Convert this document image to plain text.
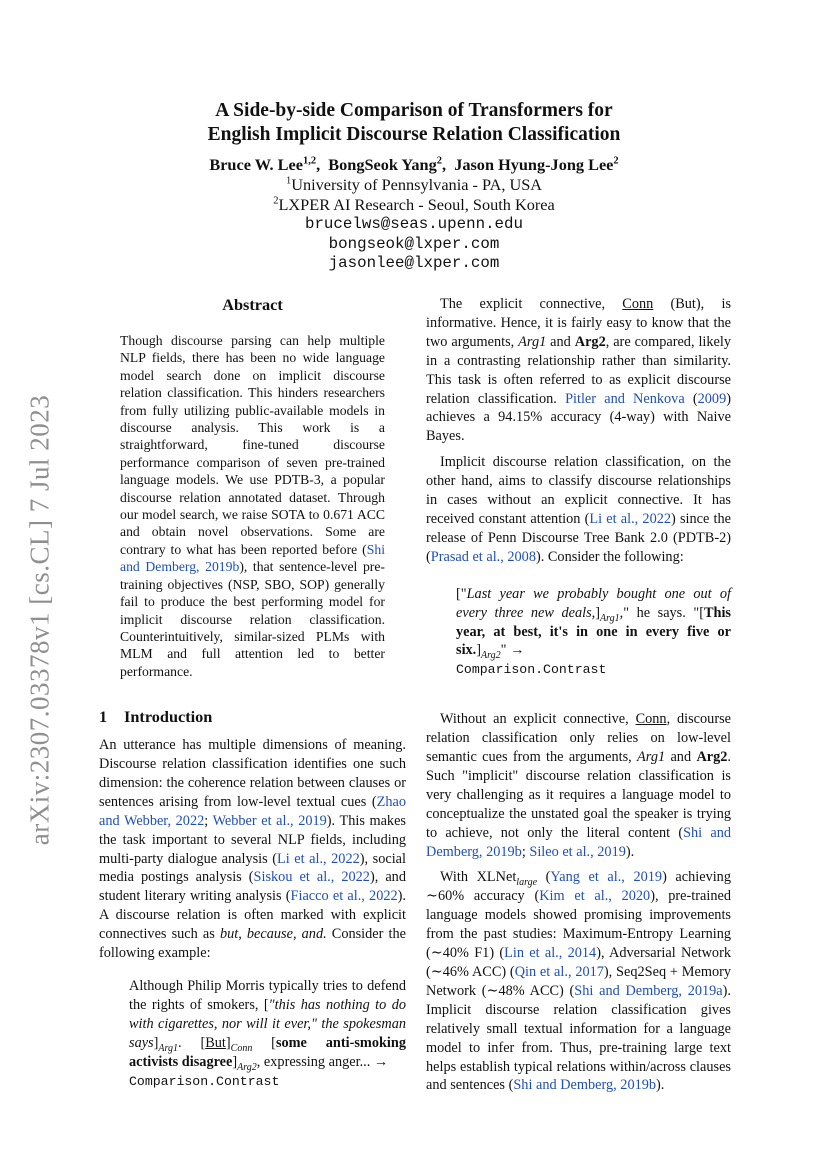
arXiv:2307.03378v1 [cs.CL] 7 Jul 2023
A Side-by-side Comparison of Transformers for
English Implicit Discourse Relation Classification
Bruce W. Lee$^{1,2}$,  BongSeok Yang$^2$,  Jason Hyung-Jong Lee$^2$
$^1$University of Pennsylvania - PA, USA
$^2$LXPER AI Research - Seoul, South Korea
brucelws@seas.upenn.edu
bongseok@lxper.com
jasonlee@lxper.com
Abstract
Though discourse parsing can help multiple NLP fields, there has been no wide language model search done on implicit discourse relation classification. This hinders researchers from fully utilizing public-available models in discourse analysis. This work is a straightforward, fine-tuned discourse performance comparison of seven pre-trained language models. We use PDTB-3, a popular discourse relation annotated dataset. Through our model search, we raise SOTA to 0.671 ACC and obtain novel observations. Some are contrary to what has been reported before (Shi and Demberg, 2019b), that sentence-level pre-training objectives (NSP, SBO, SOP) generally fail to produce the best performing model for implicit discourse relation classification. Counterintuitively, similar-sized PLMs with MLM and full attention led to better performance.
1 Introduction

An utterance has multiple dimensions of meaning. Discourse relation classification identifies one such dimension: the coherence relation between clauses or sentences arising from low-level textual cues (Zhao and Webber, 2022; Webber et al., 2019). This makes the task important to several NLP fields, including multi-party dialogue analysis (Li et al., 2022), social media postings analysis (Siskou et al., 2022), and student literary writing analysis (Fiacco et al., 2022). A discourse relation is often marked with explicit connectives such as but, because, and. Consider the following example:

Although Philip Morris typically tries to defend the rights of smokers, ["this has nothing to do with cigarettes, nor will it ever," the spokesman $says]_{Arg1}$. $[But]_{Conn}$ [some anti-smoking activists $disagree]_{Arg2}$, expressing anger... →
Comparison.Contrast

The explicit connective, Conn (But), is informative. Hence, it is fairly easy to know that the two arguments, Arg1 and Arg2, are compared, likely in a contrasting relationship rather than similarity. This task is often referred to as explicit discourse relation classification. Pitler and Nenkova (2009) achieves a 94.15% accuracy (4-way) with Naive Bayes.

Implicit discourse relation classification, on the other hand, aims to classify discourse relationships in cases without an explicit connective. It has received constant attention (Li et al., 2022) since the release of Penn Discourse Tree Bank 2.0 (PDTB-2) (Prasad et al., 2008). Consider the following:

["Last year we probably bought one out of every three new $deals,]_{Arg1}$," he says. "[This year, at best, it's in one in every five or $six.]_{Arg2}$" →
Comparison.Contrast

Without an explicit connective, Conn, discourse relation classification only relies on low-level semantic cues from the arguments, Arg1 and Arg2. Such "implicit" discourse relation classification is very challenging as it requires a language model to conceptualize the unstated goal the speaker is trying to achieve, not only the literal content (Shi and Demberg, 2019b; Sileo et al., 2019).

With XLNet$_{large}$ (Yang et al., 2019) achieving ∼60% accuracy (Kim et al., 2020), pre-trained language models showed promising improvements from the past studies: Maximum-Entropy Learning (∼40% F1) (Lin et al., 2014), Adversarial Network (∼46% ACC) (Qin et al., 2017), Seq2Seq + Memory Network (∼48% ACC) (Shi and Demberg, 2019a). Implicit discourse relation classification gives relatively small textual information for a language model to infer from. Thus, pre-training large text helps establish typical relations within/across clauses and sentences (Shi and Demberg, 2019b).
